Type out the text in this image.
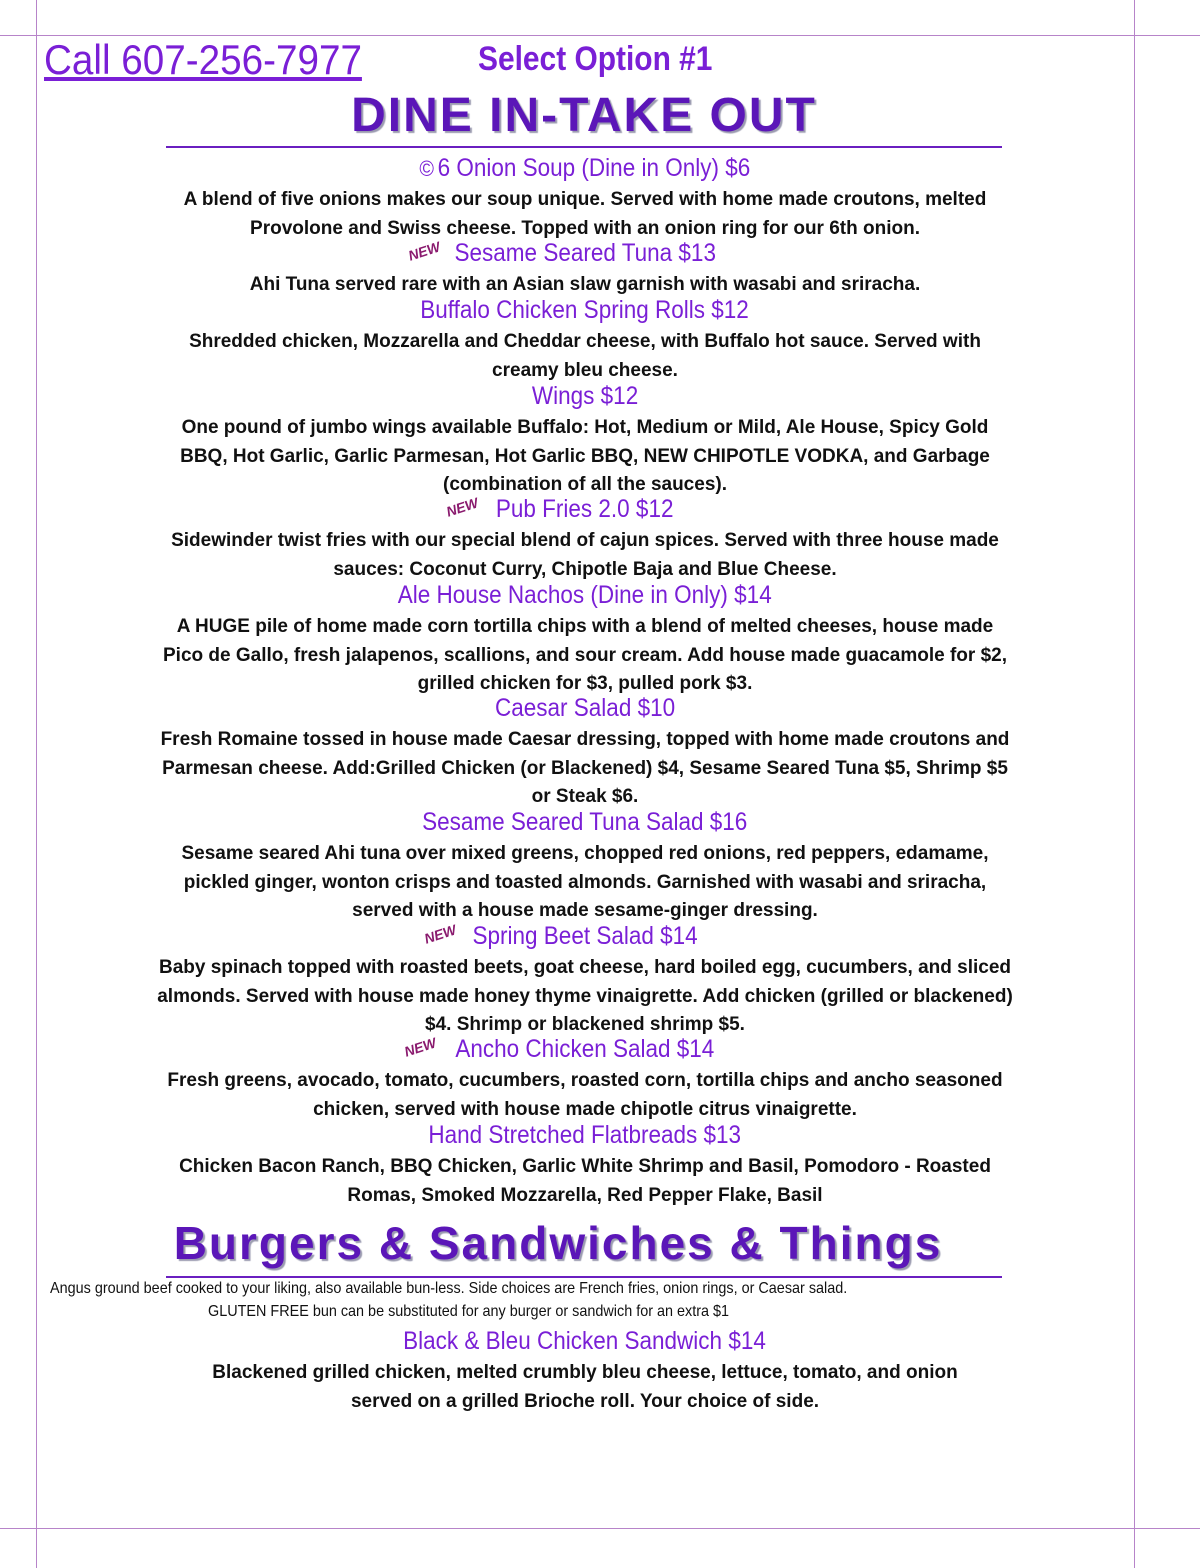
Call 607-256-7977	Select Option #1
DINE IN-TAKE OUT
© 6 Onion Soup (Dine in Only) $6
A blend of five onions makes our soup unique. Served with home made croutons, melted Provolone and Swiss cheese. Topped with an onion ring for our 6th onion.
NEW Sesame Seared Tuna $13
Ahi Tuna served rare with an Asian slaw garnish with wasabi and sriracha.
Buffalo Chicken Spring Rolls $12
Shredded chicken, Mozzarella and Cheddar cheese, with Buffalo hot sauce. Served with creamy bleu cheese.
Wings $12
One pound of jumbo wings available Buffalo: Hot, Medium or Mild, Ale House, Spicy Gold BBQ, Hot Garlic, Garlic Parmesan, Hot Garlic BBQ, NEW CHIPOTLE VODKA, and Garbage (combination of all the sauces).
NEW Pub Fries 2.0 $12
Sidewinder twist fries with our special blend of cajun spices. Served with three house made sauces: Coconut Curry, Chipotle Baja and Blue Cheese.
Ale House Nachos (Dine in Only) $14
A HUGE pile of home made corn tortilla chips with a blend of melted cheeses, house made Pico de Gallo, fresh jalapenos, scallions, and sour cream. Add house made guacamole for $2, grilled chicken for $3, pulled pork $3.
Caesar Salad $10
Fresh Romaine tossed in house made Caesar dressing, topped with home made croutons and Parmesan cheese. Add:Grilled Chicken (or Blackened) $4, Sesame Seared Tuna $5, Shrimp $5 or Steak $6.
Sesame Seared Tuna Salad $16
Sesame seared Ahi tuna over mixed greens, chopped red onions, red peppers, edamame, pickled ginger, wonton crisps and toasted almonds. Garnished with wasabi and sriracha, served with a house made sesame-ginger dressing.
NEW Spring Beet Salad $14
Baby spinach topped with roasted beets, goat cheese, hard boiled egg, cucumbers, and sliced almonds. Served with house made honey thyme vinaigrette. Add chicken (grilled or blackened) $4. Shrimp or blackened shrimp $5.
NEW Ancho Chicken Salad $14
Fresh greens, avocado, tomato, cucumbers, roasted corn, tortilla chips and ancho seasoned chicken, served with house made chipotle citrus vinaigrette.
Hand Stretched Flatbreads $13
Chicken Bacon Ranch, BBQ Chicken, Garlic White Shrimp and Basil, Pomodoro - Roasted Romas, Smoked Mozzarella, Red Pepper Flake, Basil
Burgers & Sandwiches & Things
Angus ground beef cooked to your liking, also available bun-less. Side choices are French fries, onion rings, or Caesar salad.
GLUTEN FREE bun can be substituted for any burger or sandwich for an extra $1
Black & Bleu Chicken Sandwich $14
Blackened grilled chicken, melted crumbly bleu cheese, lettuce, tomato, and onion served on a grilled Brioche roll. Your choice of side.
